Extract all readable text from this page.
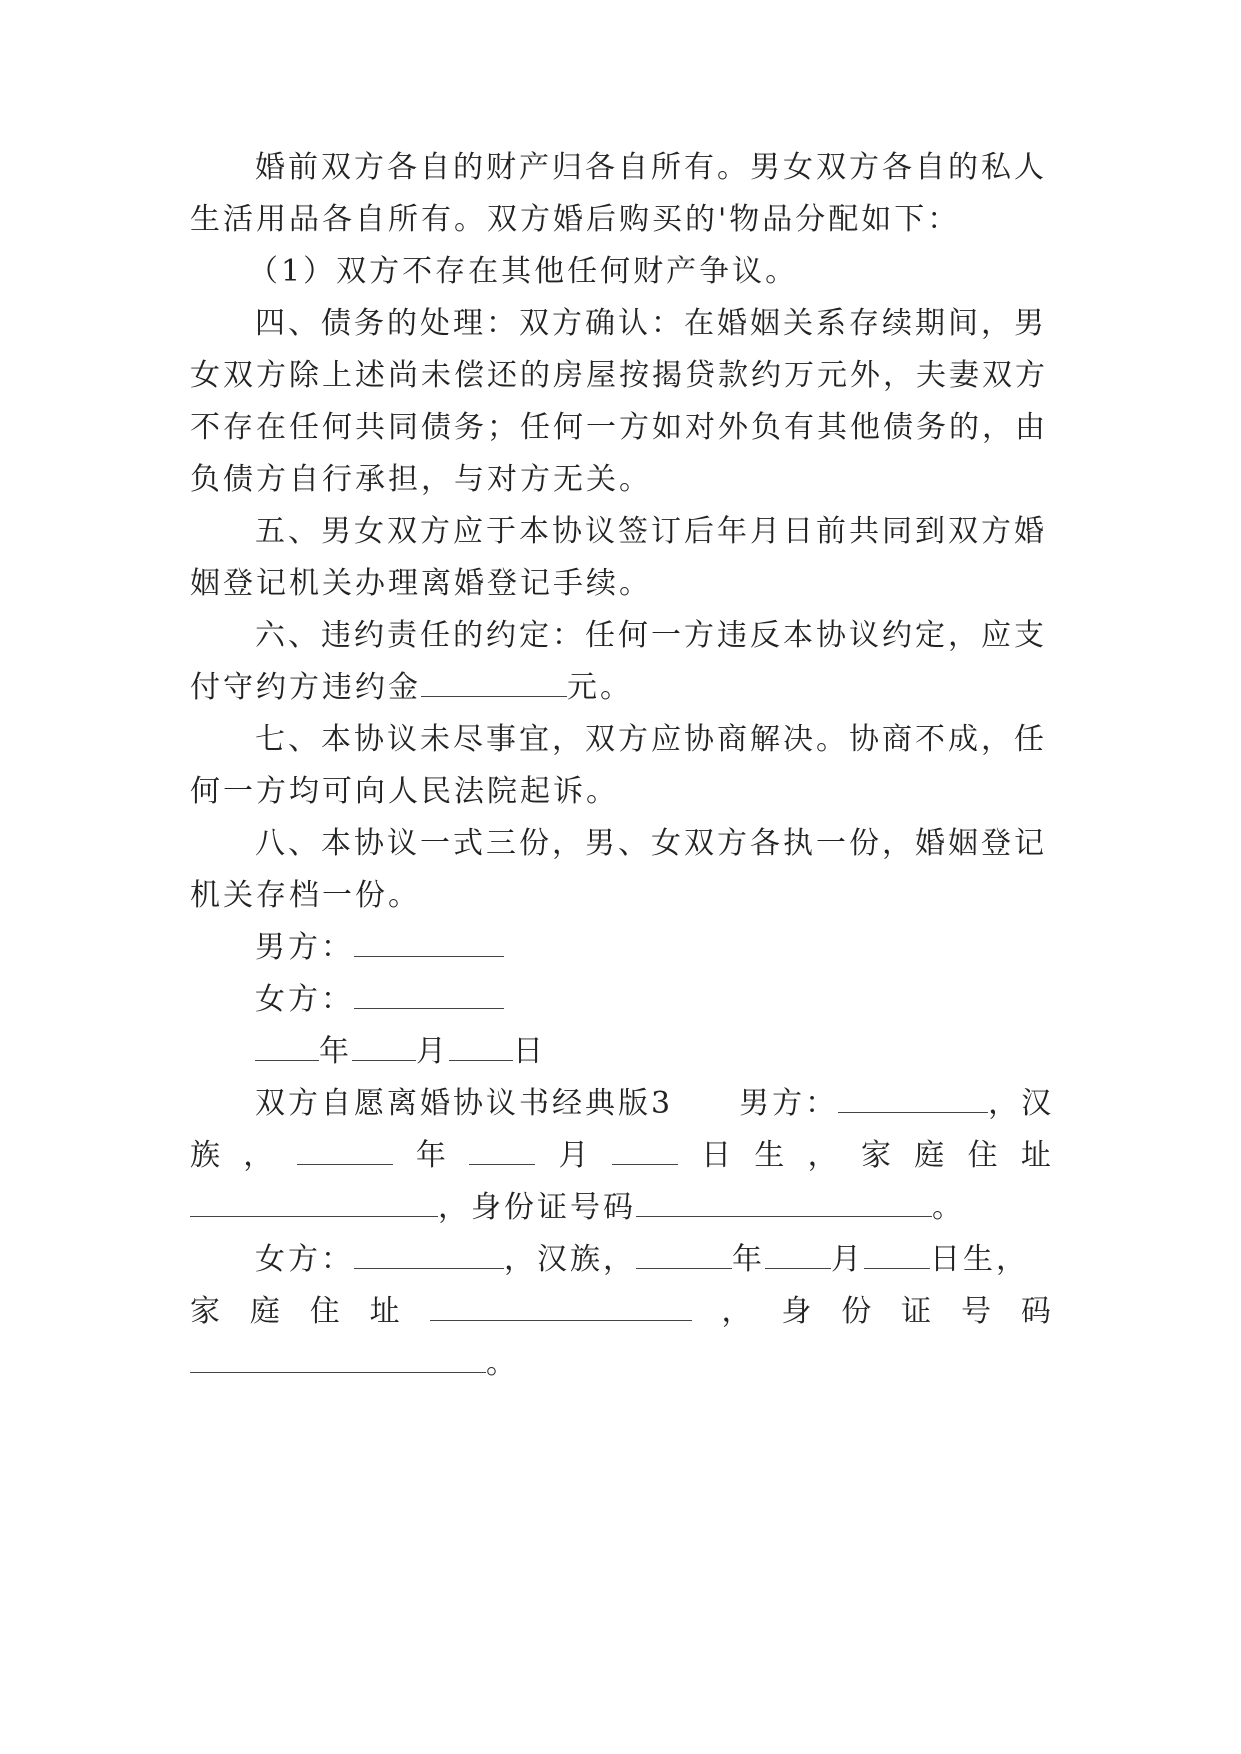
婚前双方各自的财产归各自所有。男女双方各自的私人
生活用品各自所有。双方婚后购买的'物品分配如下：
（1）双方不存在其他任何财产争议。
四、债务的处理：双方确认：在婚姻关系存续期间，男
女双方除上述尚未偿还的房屋按揭贷款约万元外，夫妻双方
不存在任何共同债务；任何一方如对外负有其他债务的，由
负债方自行承担，与对方无关。
五、男女双方应于本协议签订后年月日前共同到双方婚
姻登记机关办理离婚登记手续。
六、违约责任的约定：任何一方违反本协议约定，应支
付守约方违约金	元。
七、本协议未尽事宜，双方应协商解决。协商不成，任
何一方均可向人民法院起诉。
八、本协议一式三份，男、女双方各执一份，婚姻登记
机关存档一份。
男方：
女方：
年 月 日
双方自愿离婚协议书经典版3 男方：	，汉
族 ，	年	月	日 生 ， 家 庭 住 址
，身份证号码	。
女方：	，汉族，	年 月 日生，
家 庭 住 址	， 身 份 证 号 码
。
